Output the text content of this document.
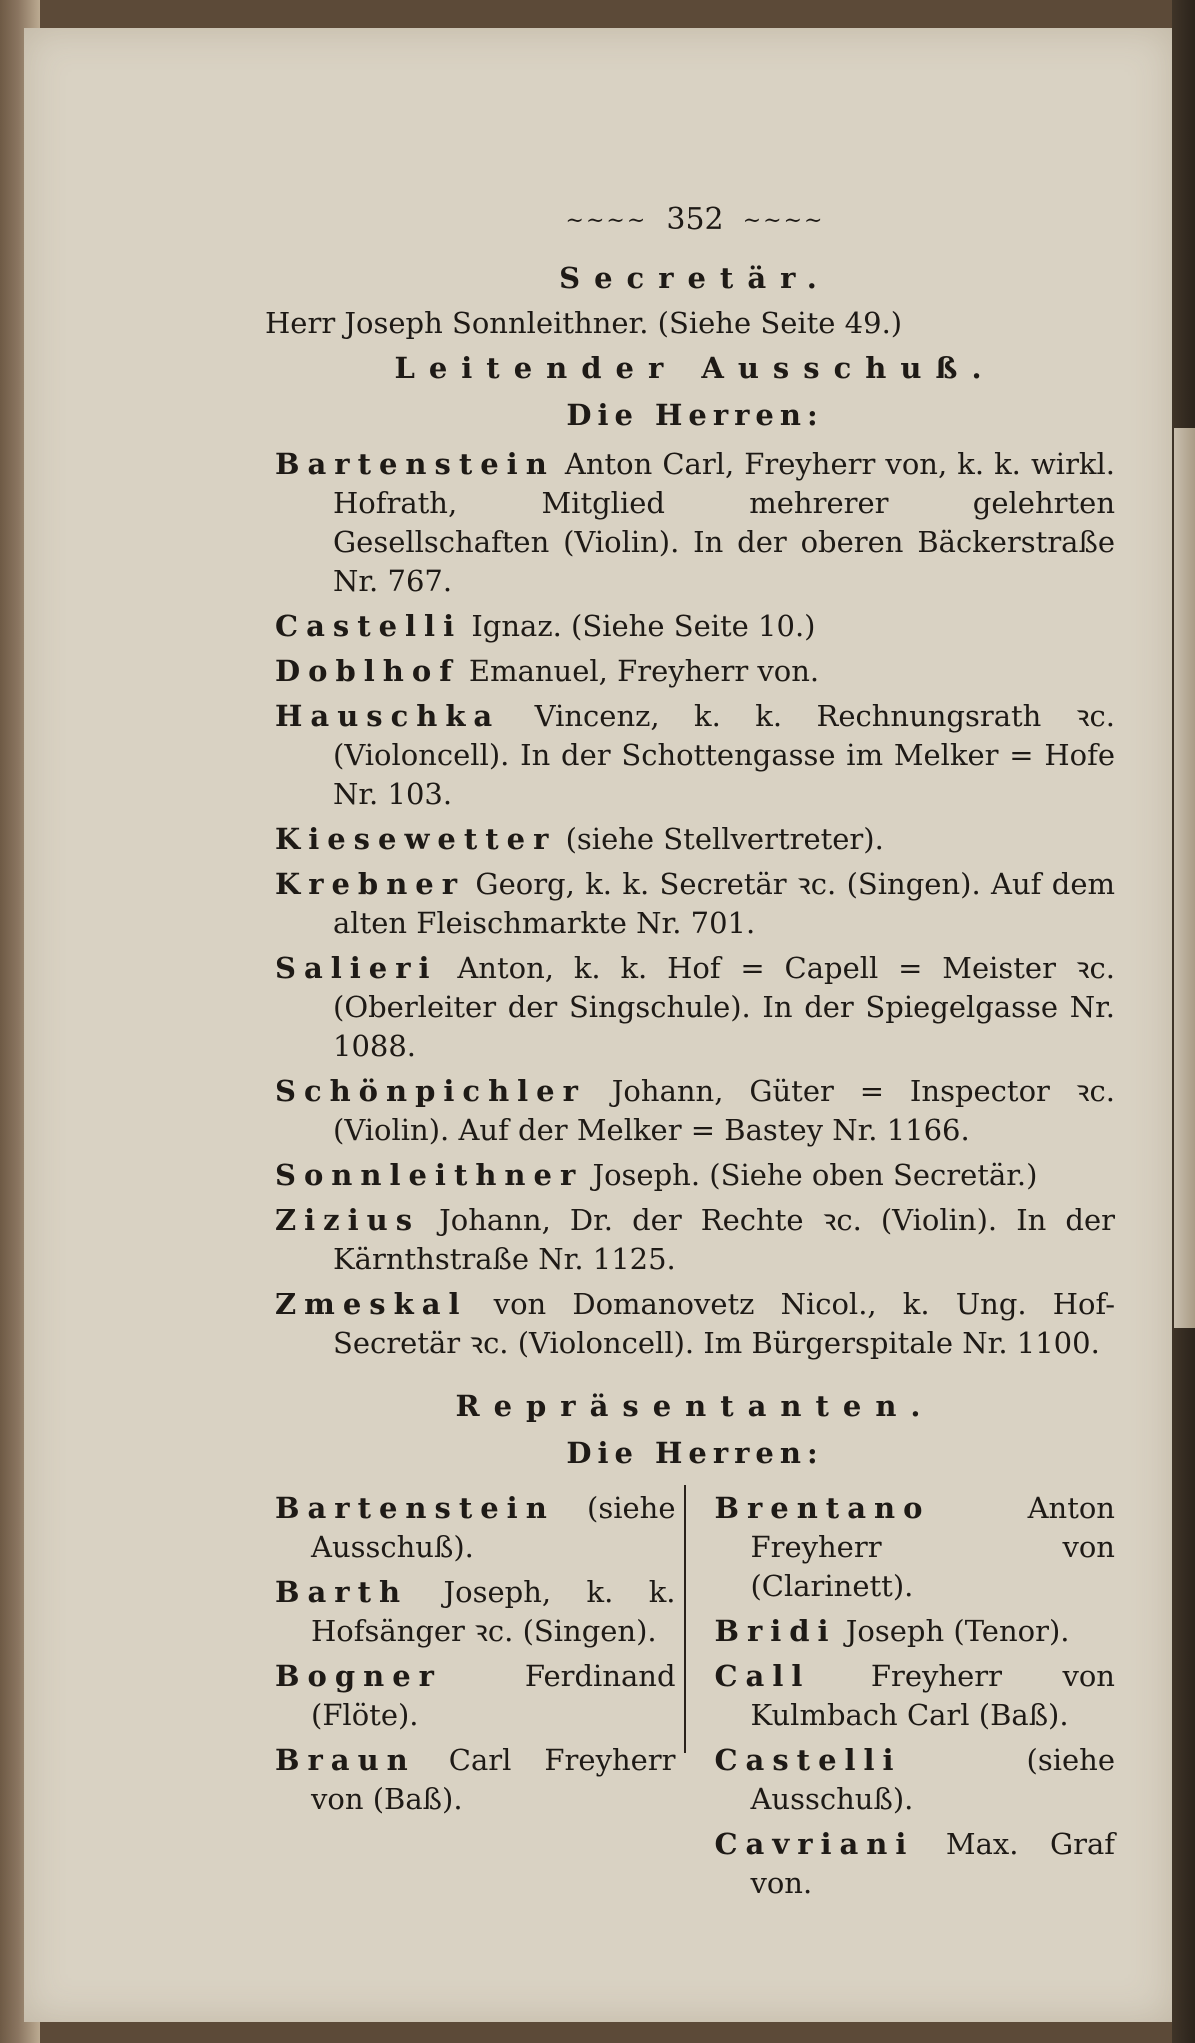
~~~~ 352 ~~~~
Secretär.
Herr Joseph Sonnleithner. (Siehe Seite 49.)
Leitender Ausschuß.
Die Herren:
Bartenstein Anton Carl, Freyherr von, k. k. wirkl. Hofrath, Mitglied mehrerer gelehrten Gesellschaften (Violin). In der oberen Bäckerstraße Nr. 767.
Castelli Ignaz. (Siehe Seite 10.)
Doblhof Emanuel, Freyherr von.
Hauschka Vincenz, k. k. Rechnungsrath ꝛc. (Violoncell). In der Schottengasse im Melker = Hofe Nr. 103.
Kiesewetter (siehe Stellvertreter).
Krebner Georg, k. k. Secretär ꝛc. (Singen). Auf dem alten Fleischmarkte Nr. 701.
Salieri Anton, k. k. Hof = Capell = Meister ꝛc. (Oberleiter der Singschule). In der Spiegelgasse Nr. 1088.
Schönpichler Johann, Güter = Inspector ꝛc. (Violin). Auf der Melker = Bastey Nr. 1166.
Sonnleithner Joseph. (Siehe oben Secretär.)
Zizius Johann, Dr. der Rechte ꝛc. (Violin). In der Kärnthstraße Nr. 1125.
Zmeskal von Domanovetz Nicol., k. Ung. Hof-Secretär ꝛc. (Violoncell). Im Bürgerspitale Nr. 1100.
Repräsentanten.
Die Herren:
Bartenstein (siehe Ausschuß).
Barth Joseph, k. k. Hofsänger ꝛc. (Singen).
Bogner Ferdinand (Flöte).
Braun Carl Freyherr von (Baß).
Brentano Anton Freyherr von (Clarinett).
Bridi Joseph (Tenor).
Call Freyherr von Kulmbach Carl (Baß).
Castelli (siehe Ausschuß).
Cavriani Max. Graf von.
